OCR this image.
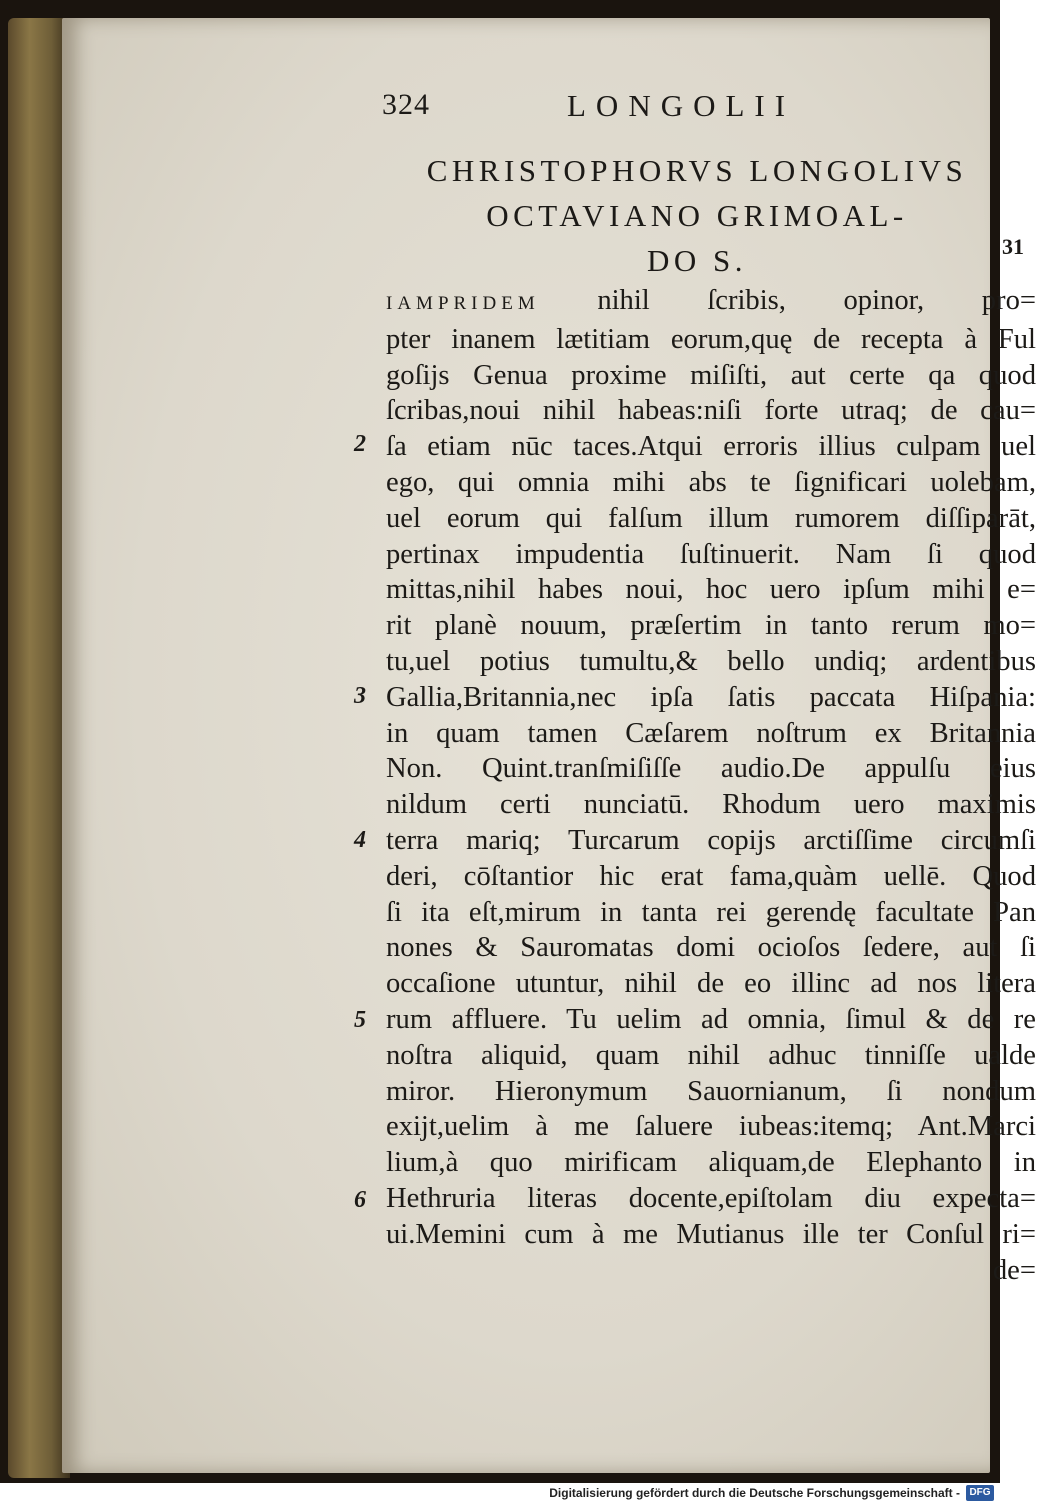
324	LONGOLII
CHRISTOPHORVS LONGOLIVS
OCTAVIANO GRIMOAL-
DO S.	31
2
3
4
5
6
IAMPRIDEM nihil ſcribis, opinor, pro=
pter inanem lætitiam eorum,quę de recepta à Ful
goſijs Genua proxime miſiſti, aut certe qa quod
ſcribas,noui nihil habeas:niſi forte utraq; de cau=
ſa etiam nūc taces.Atqui erroris illius culpam uel
ego, qui omnia mihi abs te ſignificari uolebam,
uel eorum qui falſum illum rumorem diſſiparāt,
pertinax impudentia ſuſtinuerit. Nam ſi quod
mittas,nihil habes noui, hoc uero ipſum mihi e=
rit planè nouum, præſertim in tanto rerum mo=
tu,uel potius tumultu,& bello undiq; ardentibus
Gallia,Britannia,nec ipſa ſatis paccata Hiſpania:
in quam tamen Cæſarem noſtrum ex Britannia
Non. Quint.tranſmiſiſſe audio.De appulſu eius
nildum certi nunciatū. Rhodum uero maximis
terra mariq; Turcarum copijs arctiſſime circumſi
deri, cōſtantior hic erat fama,quàm uellē. Quod
ſi ita eſt,mirum in tanta rei gerendę facultate Pan
nones & Sauromatas domi ocioſos ſedere, aut ſi
occaſione utuntur, nihil de eo illinc ad nos litera
rum affluere. Tu uelim ad omnia, ſimul & de re
noſtra aliquid, quam nihil adhuc tinniſſe ualde
miror. Hieronymum Sauornianum, ſi nondum
exijt,uelim à me ſaluere iubeas:itemq; Ant.Marci
lium,à quo mirificam aliquam,de Elephanto in
Hethruria literas docente,epiſtolam diu expecta=
ui.Memini cum à me Mutianus ille ter Conſul ri=
de=
Digitalisierung gefördert durch die Deutsche Forschungsgemeinschaft - DFG
